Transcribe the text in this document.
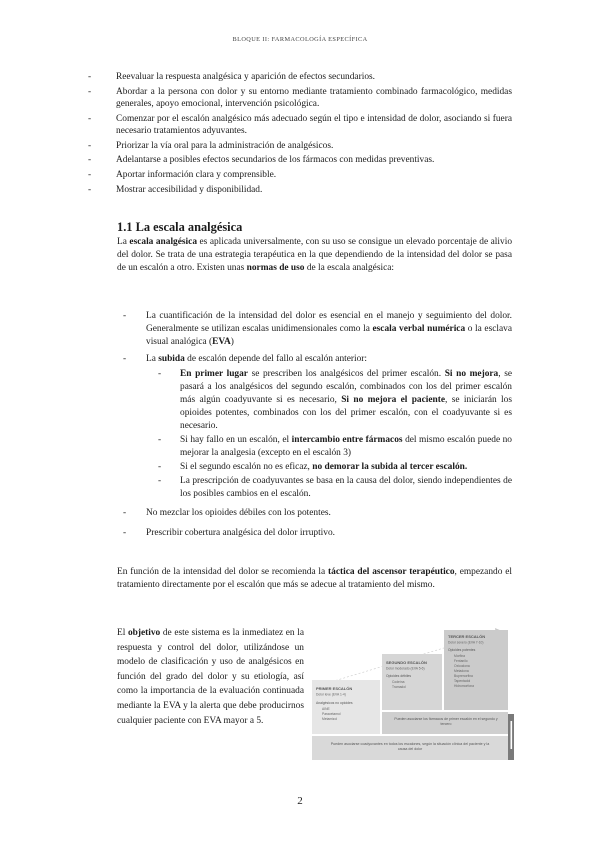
BLOQUE II: FARMACOLOGÍA ESPECÍFICA
- Reevaluar la respuesta analgésica y aparición de efectos secundarios.
- Abordar a la persona con dolor y su entorno mediante tratamiento combinado farmacológico, medidas generales, apoyo emocional, intervención psicológica.
- Comenzar por el escalón analgésico más adecuado según el tipo e intensidad de dolor, asociando si fuera necesario tratamientos adyuvantes.
- Priorizar la vía oral para la administración de analgésicos.
- Adelantarse a posibles efectos secundarios de los fármacos con medidas preventivas.
- Aportar información clara y comprensible.
- Mostrar accesibilidad y disponibilidad.
1.1 La escala analgésica

La escala analgésica es aplicada universalmente, con su uso se consigue un elevado porcentaje de alivio del dolor. Se trata de una estrategia terapéutica en la que dependiendo de la intensidad del dolor se pasa de un escalón a otro. Existen unas normas de uso de la escala analgésica:

- La cuantificación de la intensidad del dolor es esencial en el manejo y seguimiento del dolor. Generalmente se utilizan escalas unidimensionales como la escala verbal numérica o la esclava visual analógica (EVA)
- La subida de escalón depende del fallo al escalón anterior:
- En primer lugar se prescriben los analgésicos del primer escalón. Si no mejora, se pasará a los analgésicos del segundo escalón, combinados con los del primer escalón más algún coadyuvante si es necesario, Si no mejora el paciente, se iniciarán los opioides potentes, combinados con los del primer escalón, con el coadyuvante si es necesario.
- Si hay fallo en un escalón, el intercambio entre fármacos del mismo escalón puede no mejorar la analgesia (excepto en el escalón 3)
- Si el segundo escalón no es eficaz, no demorar la subida al tercer escalón.
- La prescripción de coadyuvantes se basa en la causa del dolor, siendo independientes de los posibles cambios en el escalón.
- No mezclar los opioides débiles con los potentes.
- Prescribir cobertura analgésica del dolor irruptivo.

En función de la intensidad del dolor se recomienda la táctica del ascensor terapéutico, empezando el tratamiento directamente por el escalón que más se adecue al tratamiento del mismo.

El objetivo de este sistema es la inmediatez en la respuesta y control del dolor, utilizándose un modelo de clasificación y uso de analgésicos en función del grado del dolor y su etiología, así como la importancia de la evaluación continuada mediante la EVA y la alerta que debe producirnos cualquier paciente con EVA mayor a 5.

PRIMER ESCALÓN
Dolor leve (EVA 1-4)
Analgésicos no opioides
AINE
Paracetamol
Metamizol
SEGUNDO ESCALÓN
Dolor moderado (EVA 5-6)
Opioides débiles
Codeína
Tramadol
TERCER ESCALÓN
Dolor severo (EVA 7-10)
Opioides potentes
Morfina
Fentanilo
Oxicodona
Metadona
Buprenorfina
Tapentadol
Hidromorfona
Pueden asociarse los fármacos de primer escalón en el segundo y tercero
Pueden asociarse coadyuvantes en todos los escalones, según la situación clínica del paciente y la causa del dolor
2
